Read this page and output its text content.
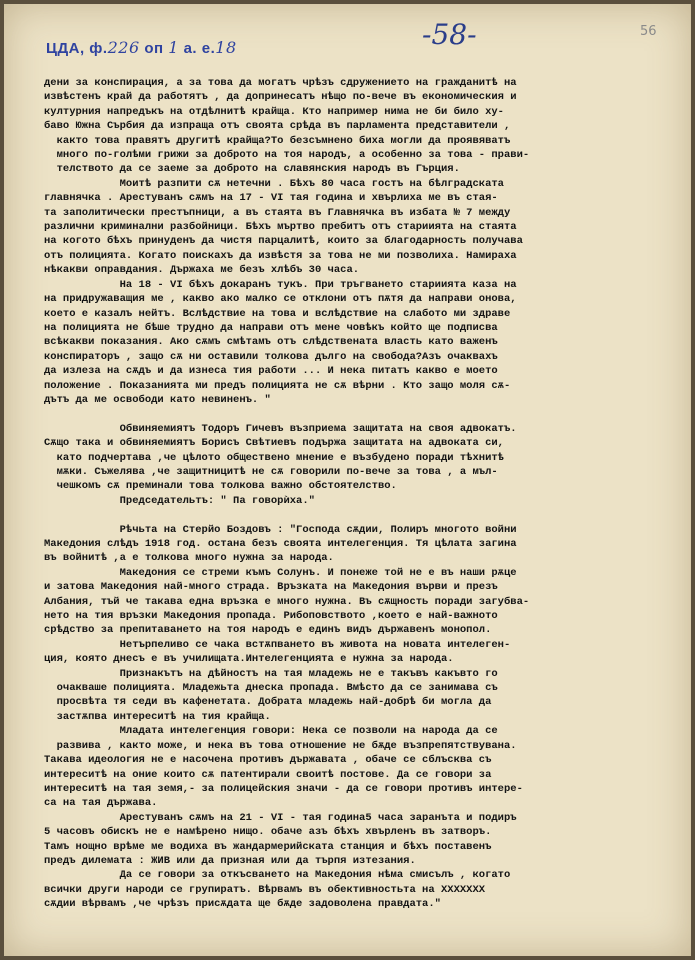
ЦДА, ф.226 оп 1 а. е.18	-58-	56
дени за конспирация, а за това да могатъ чрѣзъ сдружението на гражданитѣ на
извѣстенъ край да работятъ , да допринесатъ нѣщо по-вече въ економическия и
културния напредъкъ на отдѣлнитѣ крайща. Кто например нима не би било ху-
баво Южна Сърбия да изпраща отъ своята срѣда въ парламента представители ,
както това правятъ другитѣ крайща?То безсъмнено биха могли да проявяватъ
много по-голѣми грижи за доброто на тоя народъ, а особенно за това - прави-
телството да се заеме за доброто на славянския народъ въ Гърция.
Моитѣ разпити сѫ нетечни . Бѣхъ 80 часа гостъ на бѣлградската
главнячка . Арестуванъ сѫмъ на 17 - VI тая година и хвърлиха ме въ стая-
та заполитически престъпници, а въ стаята въ Главнячка въ избата № 7 между
различни криминални разбойници. Бѣхъ мъртво пребитъ отъ стариията на стаята
на когото бѣхъ принуденъ да чистя парцалитѣ, които за благодарность получава
отъ полицията. Когато поискахъ да извѣстя за това не ми позволиха. Намираха
нѣкакви оправдания. Държаха ме безъ хлѣбъ 30 часа.
На 18 - VI бѣхъ докаранъ тукъ. При тръгването стариията каза на
на придружаващия ме , какво ако малко се отклони отъ пѫтя да направи онова,
което е казалъ нейтъ. Вслѣдствие на това и вслѣдствие на слабото ми здраве
на полицията не бѣше трудно да направи отъ мене човѣкъ който ще подписва
всѣкакви показания. Ако сѫмъ смѣтамъ отъ слѣдствената власть като важенъ
конспираторъ , защо сѫ ни оставили толкова дълго на свобода?Азъ очаквахъ
да излеза на сѫдъ и да изнеса тия работи ... И нека питатъ какво е моето
положение . Показанията ми предъ полицията не сѫ вѣрни . Кто защо моля сѫ-
дътъ да ме освободи като невиненъ. "
Обвиняемиятъ Тодоръ Гичевъ възприема защитата на своя адвокатъ.
Сѫщо така и обвиняемиятъ Борисъ Свѣтиевъ подържа защитата на адвоката си,
като подчертава ,че цѣлото обществено мнение е възбудено поради тѣхнитѣ
мѫки. Съжелява ,че защитницитѣ не сѫ говорили по-вече за това , а мъл-
чешкомъ сѫ преминали това толкова важно обстоятелство.
Председательтъ: " Па говорѝха."
Рѣчьта на Стерйо Боздовъ : "Господа сѫдии, Полиръ многото войни
Македония слѣдъ 1918 год. остана безъ своята интелегенция. Тя цѣлата загина
въ войнитѣ ,а е толкова много нужна за народа.
Македония се стреми къмъ Солунъ. И понеже той не е въ наши рѫце
и затова Македония най-много страда. Връзката на Македония върви и презъ
Албания, тъй че такава една връзка е много нужна. Въ сѫщность поради загубва-
нето на тия връзки Македония пропада. Рибоповството ,което е най-важното
срѣдство за препитаването на тоя народъ е единъ видъ държавенъ монопол.
Нетърпеливо се чака встѫпването въ живота на новата интелеген-
ция, която днесъ е въ училищата.Интелегенцията е нужна за народа.
Признакътъ на дѣйностъ на тая младежь не е такъвъ какъвто го
очакваше полицията. Младежьта днеска пропада. Вмѣсто да се занимава съ
просвѣта тя седи въ кафенетата. Добрата младежь най-добрѣ би могла да
застѫпва интереситѣ на тия крайща.
Младата интелегенция говори: Нека се позволи на народа да се
развива , както може, и нека въ това отношение не бѫде възпрепятствувана.
Такава идеология не е насочена противъ държавата , обаче се сблъсква съ
интереситѣ на оние които сѫ патентирали своитѣ постове. Да се говори за
интереситѣ на тая земя,- за полицейския значи - да се говори противъ интере-
са на тая държава.
Арестуванъ сѫмъ на 21 - VI - тая година5 часа заранъта и подиръ
5 часовъ обискъ не е намѣрено нищо. обаче азъ бѣхъ хвърленъ въ затворъ.
Тамъ нощно врѣме ме водиха въ жандармерийската станция и бѣхъ поставенъ
предъ дилемата : ЖИВ или да призная или да търпя изтезания.
Да се говори за откъсването на Македония нѣма смисълъ , когато
всички други народи се групиратъ. Вѣрвамъ въ обективностьта на ХХХХХХХ
сѫдии вѣрвамъ ,че чрѣзъ присѫдата ще бѫде задоволена правдата."
